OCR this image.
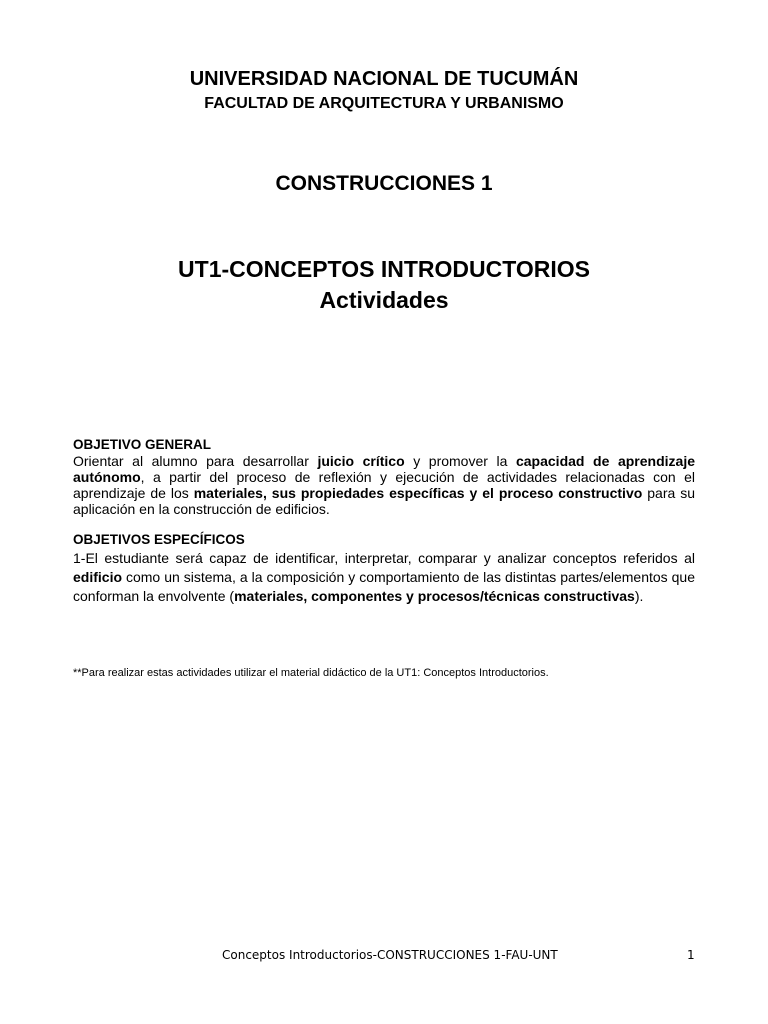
UNIVERSIDAD NACIONAL DE TUCUMÁN
FACULTAD DE ARQUITECTURA Y URBANISMO
CONSTRUCCIONES 1
UT1-CONCEPTOS INTRODUCTORIOS
Actividades
OBJETIVO GENERAL
Orientar al alumno para desarrollar juicio crítico y promover la capacidad de aprendizaje autónomo, a partir del proceso de reflexión y ejecución de actividades relacionadas con el aprendizaje de los materiales, sus propiedades específicas y el proceso constructivo para su aplicación en la construcción de edificios.
OBJETIVOS ESPECÍFICOS
1-El estudiante será capaz de identificar, interpretar, comparar y analizar conceptos referidos al edificio como un sistema, a la composición y comportamiento de las distintas partes/elementos que conforman la envolvente (materiales, componentes y procesos/técnicas constructivas).
**Para realizar estas actividades utilizar el material didáctico de la UT1: Conceptos Introductorios.
Conceptos Introductorios-CONSTRUCCIONES 1-FAU-UNT	1
